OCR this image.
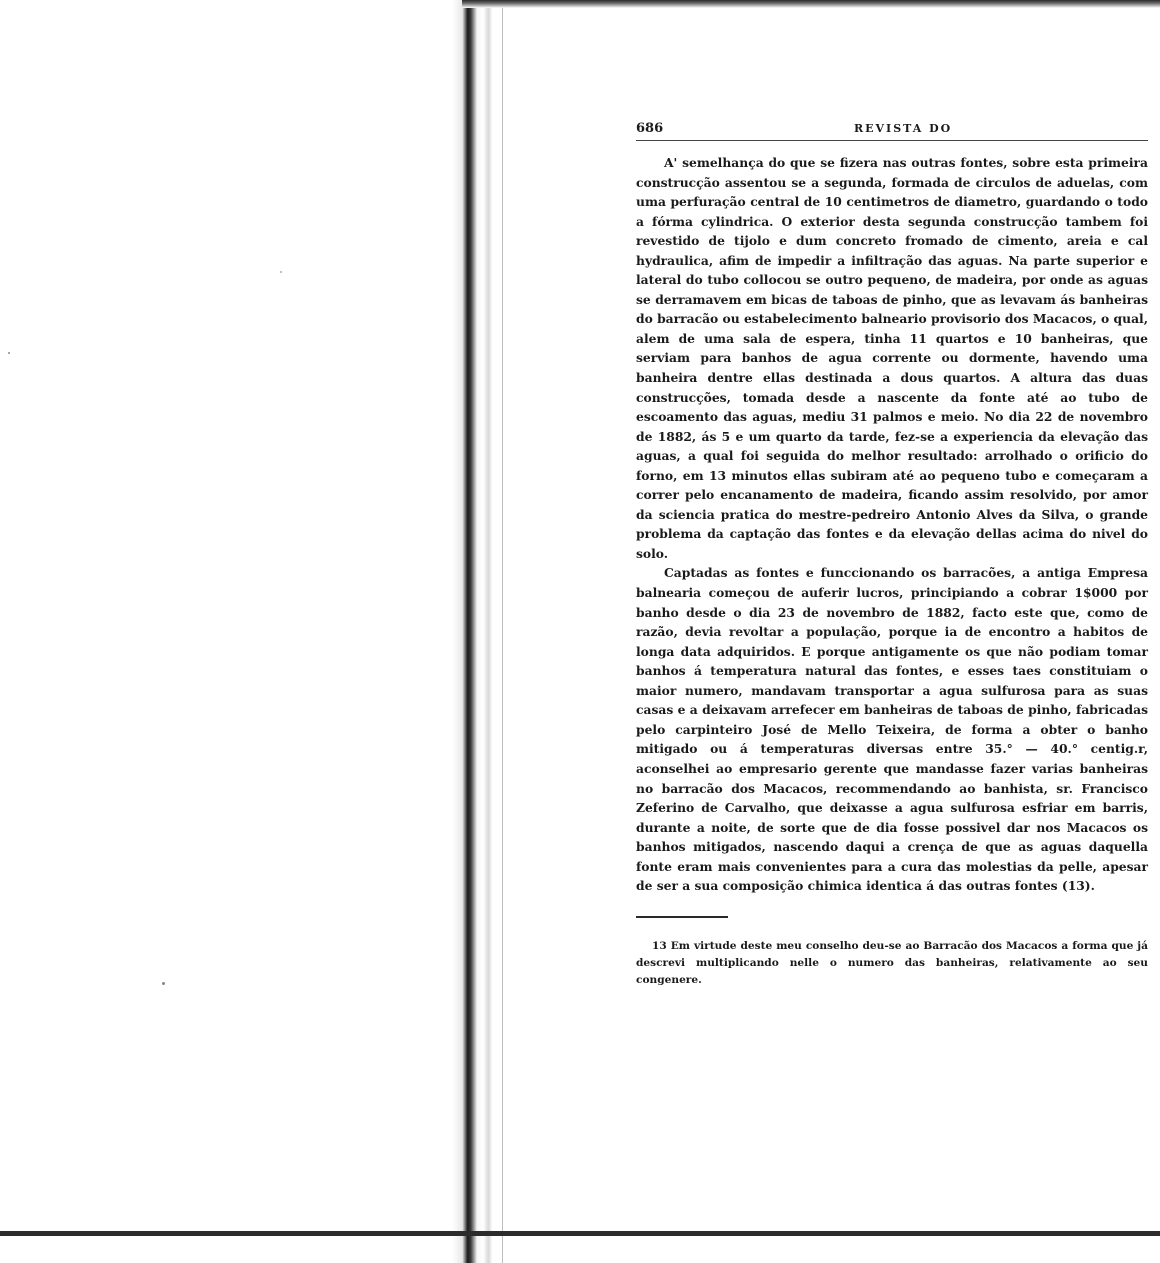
686	REVISTA DO

A' semelhança do que se fizera nas outras fontes, sobre esta primeira construcção assentou se a segunda, formada de circulos de aduelas, com uma perfuração central de 10 centimetros de diametro, guardando o todo a fórma cylindrica. O exterior desta segunda construcção tambem foi revestido de tijolo e dum concreto fromado de cimento, areia e cal hydraulica, afim de impedir a infiltração das aguas. Na parte superior e lateral do tubo collocou se outro pequeno, de madeira, por onde as aguas se derramavem em bicas de taboas de pinho, que as levavam ás banheiras do barracão ou estabelecimento balneario provisorio dos Macacos, o qual, alem de uma sala de espera, tinha 11 quartos e 10 banheiras, que serviam para banhos de agua corrente ou dormente, havendo uma banheira dentre ellas destinada a dous quartos. A altura das duas construcções, tomada desde a nascente da fonte até ao tubo de escoamento das aguas, mediu 31 palmos e meio. No dia 22 de novembro de 1882, ás 5 e um quarto da tarde, fez-se a experiencia da elevação das aguas, a qual foi seguida do melhor resultado: arrolhado o orificio do forno, em 13 minutos ellas subiram até ao pequeno tubo e começaram a correr pelo encanamento de madeira, ficando assim resolvido, por amor da sciencia pratica do mestre-pedreiro Antonio Alves da Silva, o grande problema da captação das fontes e da elevação dellas acima do nivel do solo.

Captadas as fontes e funccionando os barracões, a antiga Empresa balnearia começou de auferir lucros, principiando a cobrar 1$000 por banho desde o dia 23 de novembro de 1882, facto este que, como de razão, devia revoltar a população, porque ia de encontro a habitos de longa data adquiridos. E porque antigamente os que não podiam tomar banhos á temperatura natural das fontes, e esses taes constituiam o maior numero, mandavam transportar a agua sulfurosa para as suas casas e a deixavam arrefecer em banheiras de taboas de pinho, fabricadas pelo carpinteiro José de Mello Teixeira, de forma a obter o banho mitigado ou á temperaturas diversas entre 35.° — 40.° centig.r, aconselhei ao empresario gerente que mandasse fazer varias banheiras no barracão dos Macacos, recommendando ao banhista, sr. Francisco Zeferino de Carvalho, que deixasse a agua sulfurosa esfriar em barris, durante a noite, de sorte que de dia fosse possivel dar nos Macacos os banhos mitigados, nascendo daqui a crença de que as aguas daquella fonte eram mais convenientes para a cura das molestias da pelle, apesar de ser a sua composição chimica identica á das outras fontes (13).

13 Em virtude deste meu conselho deu-se ao Barracão dos Macacos a forma que já descrevi multiplicando nelle o numero das banheiras, relativamente ao seu congenere.
